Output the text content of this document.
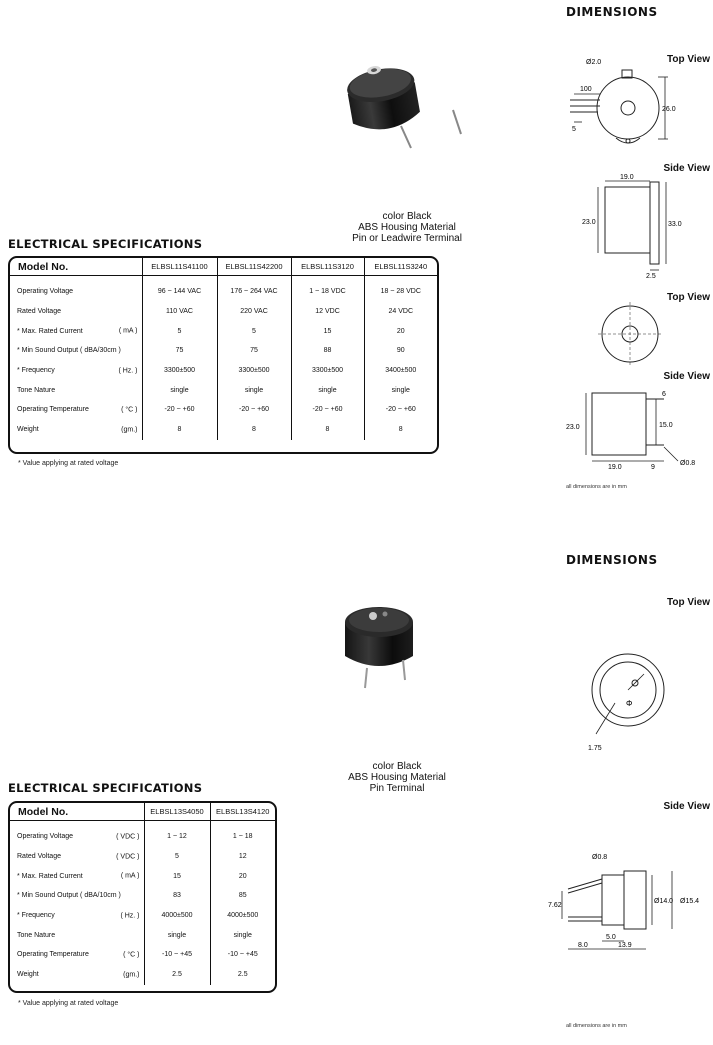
DIMENSIONS
color Black
ABS Housing Material
Pin or Leadwire Terminal
ELECTRICAL SPECIFICATIONS
Model No.	ELBSL11S41100	ELBSL11S42200	ELBSL11S3120	ELBSL11S3240

Operating Voltage	96 ~ 144 VAC	176 ~ 264 VAC	1 ~ 18 VDC	18 ~ 28 VDC
Rated Voltage	110 VAC	220 VAC	12 VDC	24 VDC
* Max. Rated Current ( mA )	5	5	15	20
* Min Sound Output ( dBA/30cm )	75	75	88	90
* Frequency ( Hz. )	3300±500	3300±500	3300±500	3400±500
Tone Nature	single	single	single	single
Operating Temperature ( °C )	-20 ~ +60	-20 ~ +60	-20 ~ +60	-20 ~ +60
Weight (gm.)	8	8	8	8
* Value applying at rated voltage
Top View
Ø2.0
100
5
26.0
Side View
19.0
23.0	33.0
2.5
Top View
Side View
6
23.0	15.0
19.0	9
Ø0.8
all dimensions are in mm
DIMENSIONS
color Black
ABS Housing Material
Pin Terminal
ELECTRICAL SPECIFICATIONS
Model No.	ELBSL13S4050	ELBSL13S4120

Operating Voltage ( VDC )	1 ~ 12	1 ~ 18
Rated Voltage ( VDC )	5	12
* Max. Rated Current ( mA )	15	20
* Min Sound Output ( dBA/10cm )	83	85
* Frequency ( Hz. )	4000±500	4000±500
Tone Nature	single	single
Operating Temperature ( °C )	-10 ~ +45	-10 ~ +45
Weight (gm.)	2.5	2.5
* Value applying at rated voltage
Top View
Φ
1.75
Side View
Ø0.8
7.62
Ø14.0 Ø15.4
5.0
8.0	13.9
all dimensions are in mm
